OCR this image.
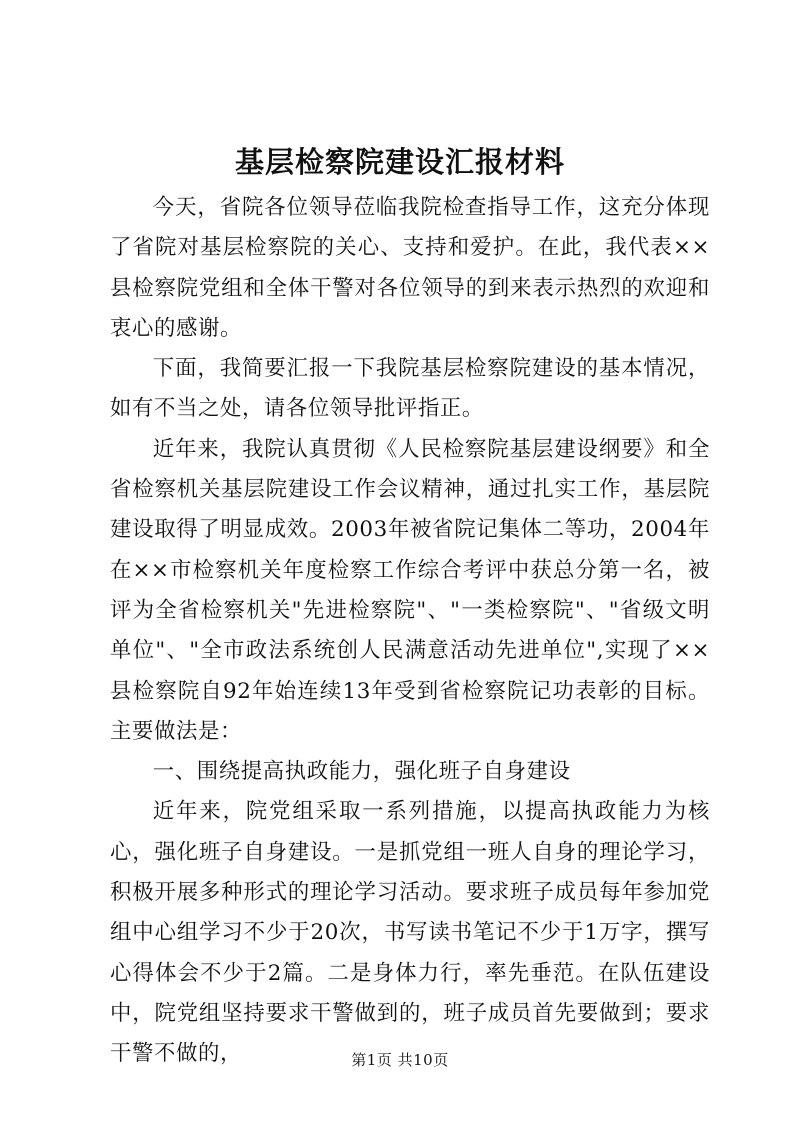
基层检察院建设汇报材料

今天，省院各位领导莅临我院检查指导工作，这充分体现了省院对基层检察院的关心、支持和爱护。在此，我代表××县检察院党组和全体干警对各位领导的到来表示热烈的欢迎和衷心的感谢。

下面，我简要汇报一下我院基层检察院建设的基本情况，如有不当之处，请各位领导批评指正。

近年来，我院认真贯彻《人民检察院基层建设纲要》和全省检察机关基层院建设工作会议精神，通过扎实工作，基层院建设取得了明显成效。2003年被省院记集体二等功，2004年在××市检察机关年度检察工作综合考评中获总分第一名，被评为全省检察机关"先进检察院"、"一类检察院"、"省级文明单位"、"全市政法系统创人民满意活动先进单位",实现了××县检察院自92年始连续13年受到省检察院记功表彰的目标。主要做法是：

一、围绕提高执政能力，强化班子自身建设

近年来，院党组采取一系列措施，以提高执政能力为核心，强化班子自身建设。一是抓党组一班人自身的理论学习，积极开展多种形式的理论学习活动。要求班子成员每年参加党组中心组学习不少于20次，书写读书笔记不少于1万字，撰写心得体会不少于2篇。二是身体力行，率先垂范。在队伍建设中，院党组坚持要求干警做到的，班子成员首先要做到；要求干警不做的，	第1页 共10页
